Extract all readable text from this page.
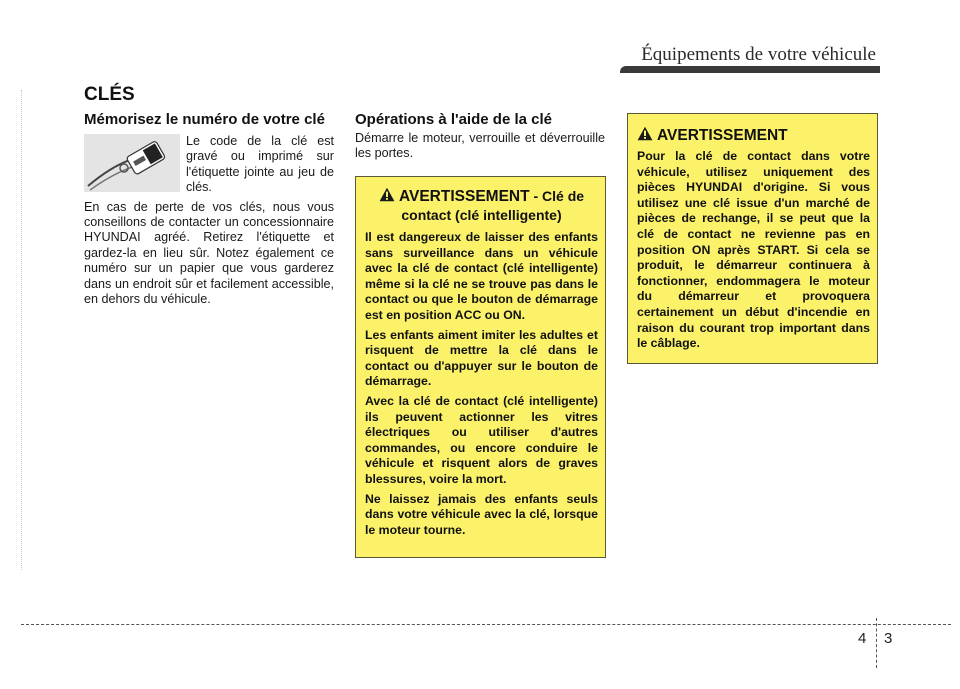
Équipements de votre véhicule
CLÉS
Mémorisez le numéro de votre clé

Le code de la clé est gravé ou imprimé sur l'étiquette jointe au jeu de clés.

En cas de perte de vos clés, nous vous conseillons de contacter un concessionnaire HYUNDAI agréé. Retirez l'étiquette et gardez-la en lieu sûr. Notez également ce numéro sur un papier que vous garderez dans un endroit sûr et facilement accessible, en dehors du véhicule.

Opérations à l'aide de la clé

Démarre le moteur, verrouille et déverrouille les portes.

AVERTISSEMENT - Clé de
contact (clé intelligente)

Il est dangereux de laisser des enfants sans surveillance dans un véhicule avec la clé de contact (clé intelligente) même si la clé ne se trouve pas dans le contact ou que le bouton de démarrage est en position ACC ou ON.

Les enfants aiment imiter les adultes et risquent de mettre la clé dans le contact ou d'appuyer sur le bouton de démarrage.

Avec la clé de contact (clé intelligente) ils peuvent actionner les vitres électriques ou utiliser d'autres commandes, ou encore conduire le véhicule et risquent alors de graves blessures, voire la mort.

Ne laissez jamais des enfants seuls dans votre véhicule avec la clé, lorsque le moteur tourne.

AVERTISSEMENT

Pour la clé de contact dans votre véhicule, utilisez uniquement des pièces HYUNDAI d'origine. Si vous utilisez une clé issue d'un marché de pièces de rechange, il se peut que la clé de contact ne revienne pas en position ON après START. Si cela se produit, le démarreur continuera à fonctionner, endommagera le moteur du démarreur et provoquera certainement un début d'incendie en raison du courant trop important dans le câblage.

4 3
